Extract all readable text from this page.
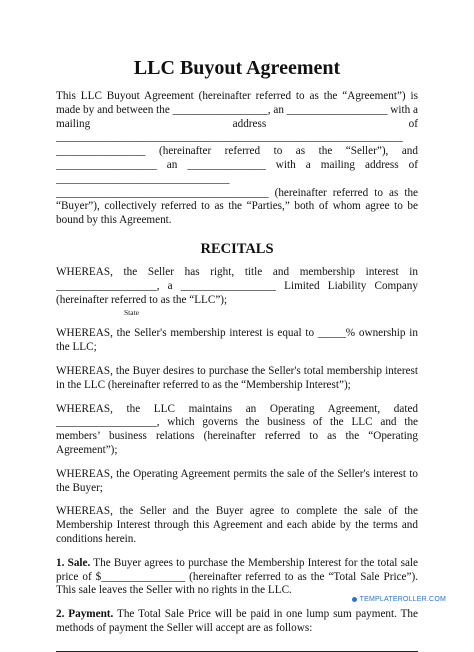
LLC Buyout Agreement

This LLC Buyout Agreement (hereinafter referred to as the “Agreement”) is made by and between the _________________, an __________________ with a mailing address of ______________________________________________________________ ________________ (hereinafter referred to as the “Seller”), and __________________ an ______________ with a mailing address of _______________________________ ______________________________________ (hereinafter referred to as the “Buyer”), collectively referred to as the “Parties,” both of whom agree to be bound by this Agreement.

RECITALS

WHEREAS, the Seller has right, title and membership interest in __________________, a _________________ Limited Liability Company (hereinafter referred to as the “LLC”);

State

WHEREAS, the Seller's membership interest is equal to _____% ownership in the LLC;

WHEREAS, the Buyer desires to purchase the Seller's total membership interest in the LLC (hereinafter referred to as the “Membership Interest”);

WHEREAS, the LLC maintains an Operating Agreement, dated __________________, which governs the business of the LLC and the members’ business relations (hereinafter referred to as the “Operating Agreement”);

WHEREAS, the Operating Agreement permits the sale of the Seller's interest to the Buyer;

WHEREAS, the Seller and the Buyer agree to complete the sale of the Membership Interest through this Agreement and each abide by the terms and conditions herein.

1. Sale. The Buyer agrees to purchase the Membership Interest for the total sale price of $_______________ (hereinafter referred to as the “Total Sale Price”). This sale leaves the Seller with no rights in the LLC.

2. Payment. The Total Sale Price will be paid in one lump sum payment. The methods of payment the Seller will accept are as follows:

TEMPLATEROLLER.COM
